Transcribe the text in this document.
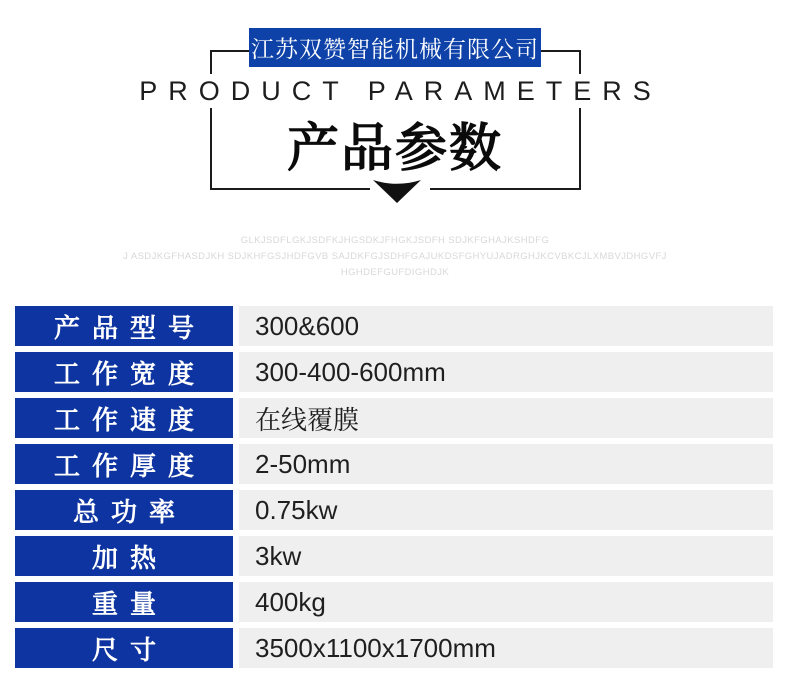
江苏双赞智能机械有限公司
PRODUCT PARAMETERS
产品参数
GLKJSDFLGKJSDFKJHGSDKJFHGKJSDFH SDJKFGHAJKSHDFG
J ASDJKGFHASDJKH SDJKHFGSJHDFGVB SAJDKFGJSDHFGAJUKDSFGHYUJADRGHJKCVBKCJLXMBVJDHGVFJ
HGHDEFGUFDIGHDJK
产品型号	300&600
工作宽度	300-400-600mm
工作速度	在线覆膜
工作厚度	2-50mm
总功率	0.75kw
加热	3kw
重量	400kg
尺寸	3500x1100x1700mm
